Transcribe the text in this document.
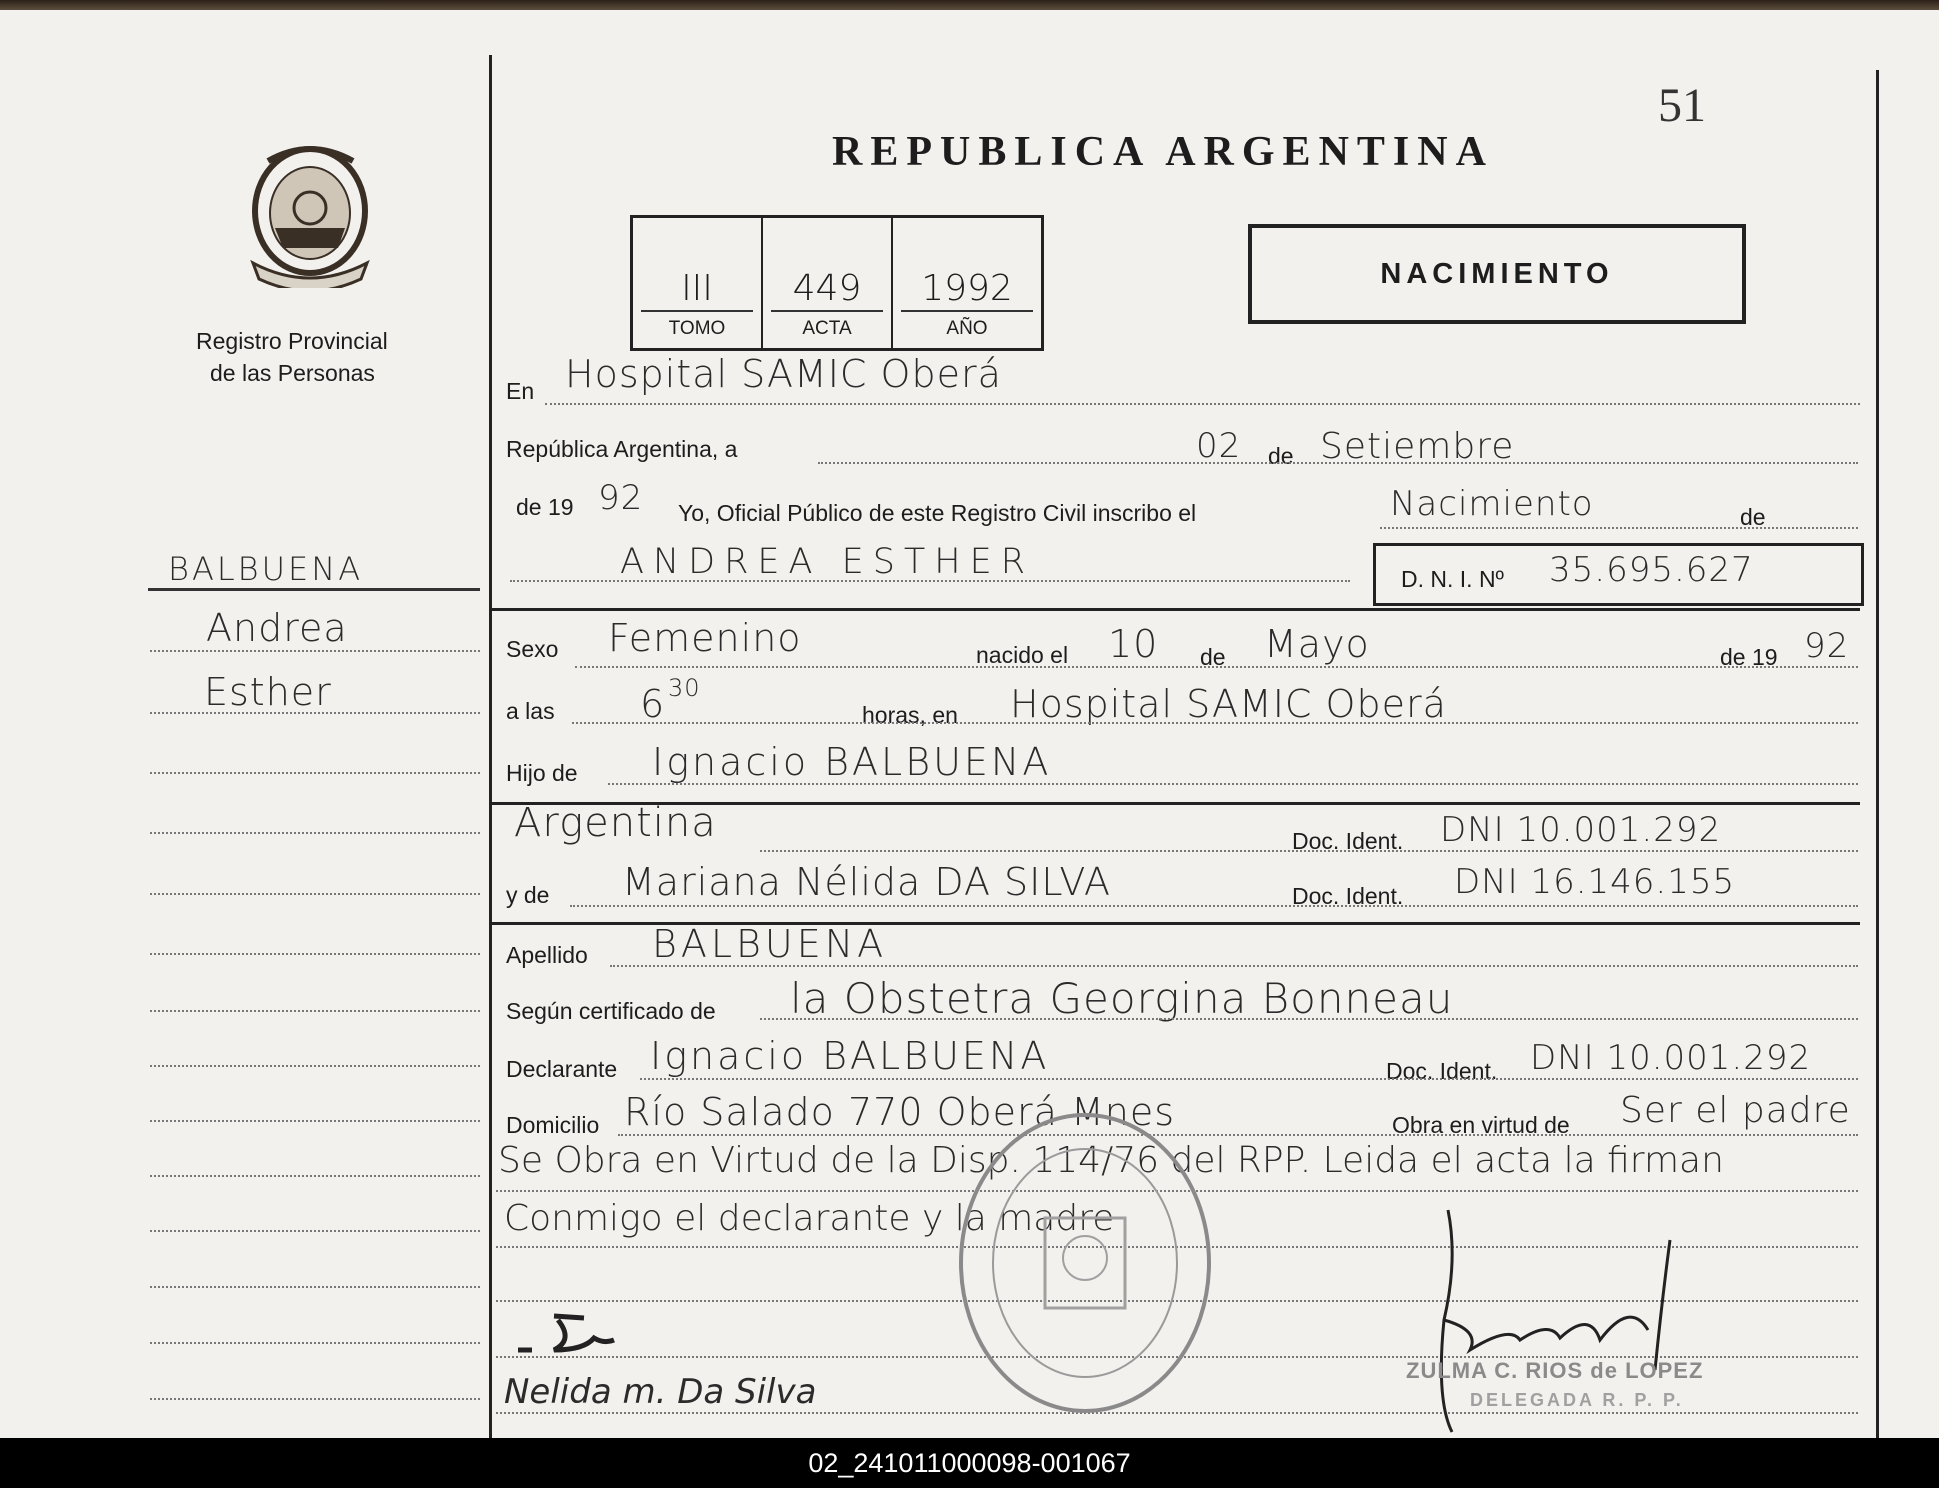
51
Registro Provincial
de las Personas
BALBUENA
Andrea
Esther
REPUBLICA ARGENTINA
III
TOMO
449
ACTA
1992
AÑO
NACIMIENTO
En Hospital SAMIC Oberá
República Argentina, a	02 de Setiembre
de 19 92 Yo, Oficial Público de este Registro Civil inscribo el	Nacimiento	de
ANDREA ESTHER	D. N. I. Nº 35.695.627
Sexo Femenino	nacido el 10 de Mayo	de 19 92
a las 6 30
horas, en Hospital SAMIC Oberá
Hijo de Ignacio BALBUENA
Argentina	Doc. Ident. DNI 10.001.292
y de Mariana Nélida DA SILVA	Doc. Ident. DNI 16.146.155
Apellido BALBUENA
Según certificado de la Obstetra Georgina Bonneau
Declarante Ignacio BALBUENA	Doc. Ident. DNI 10.001.292
Domicilio Río Salado 770 Oberá Mnes	Obra en virtud de Ser el padre
Se Obra en Virtud de la Disp. 114/76 del RPP. Leida el acta la firman
Conmigo el declarante y la madre
Nelida m. Da Silva
ZULMA C. RIOS de LOPEZ
DELEGADA R. P. P.
02_241011000098-001067
